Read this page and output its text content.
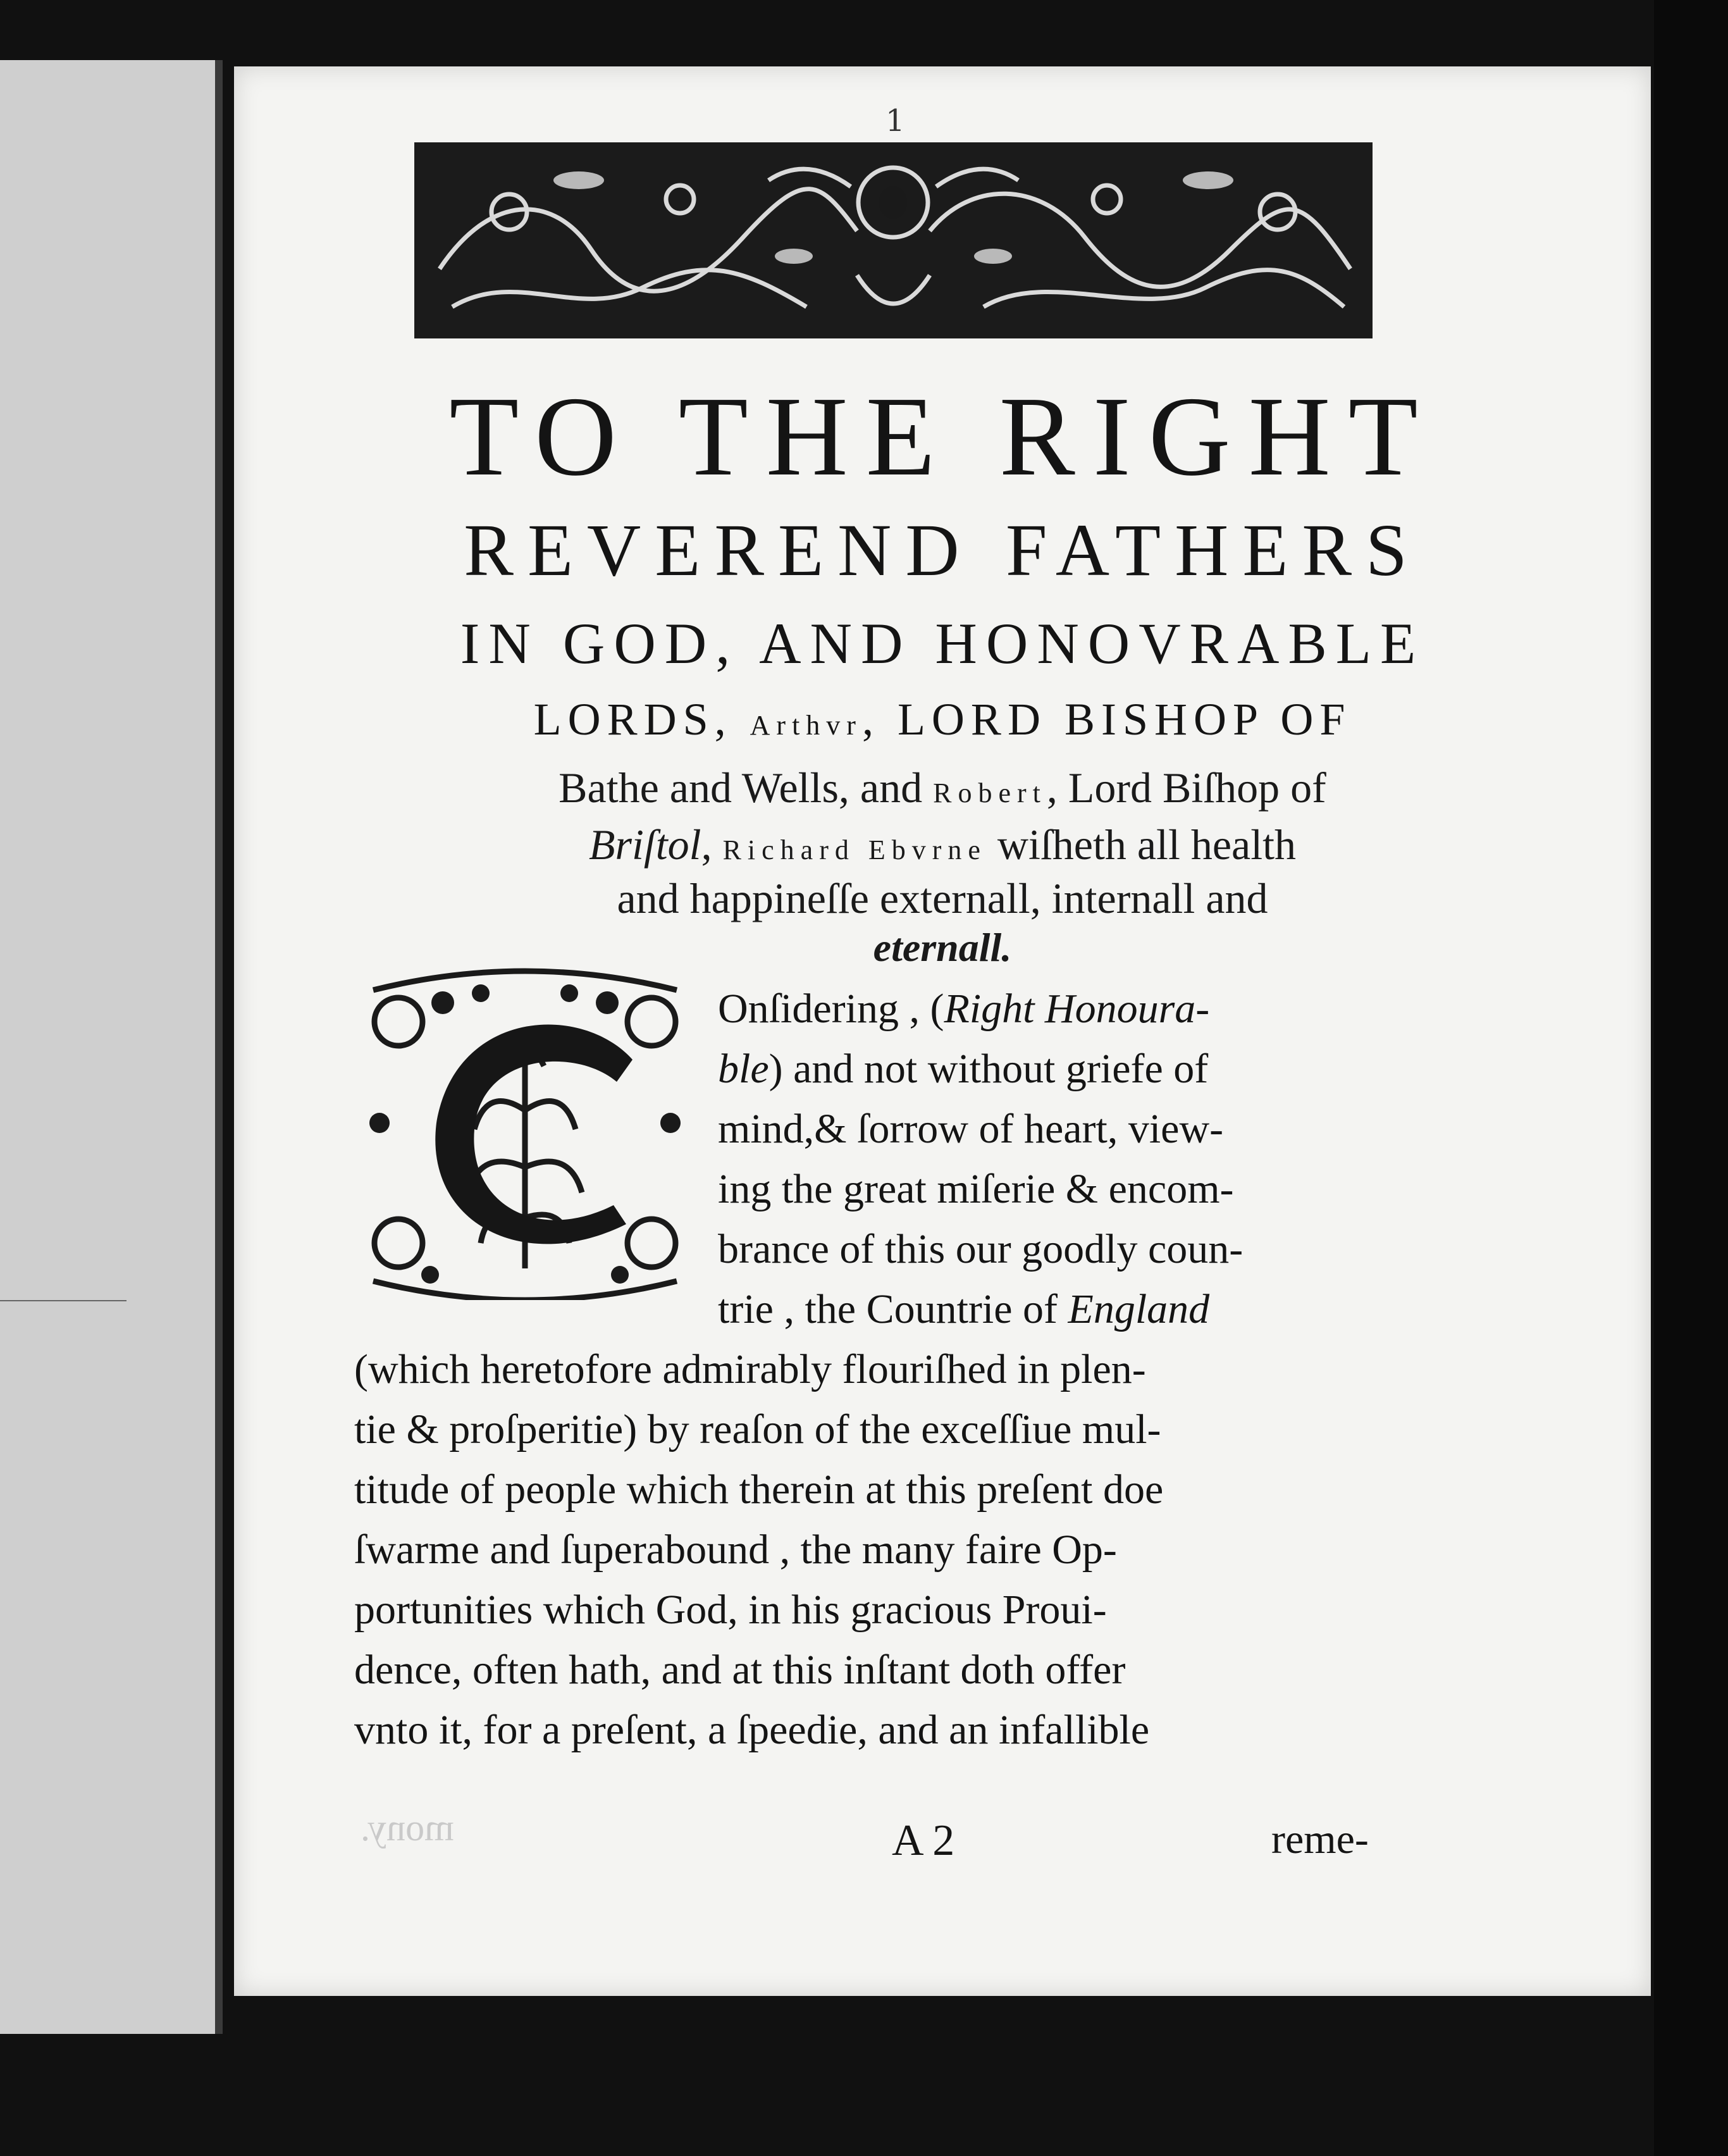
1
TO THE RIGHT
REVEREND FATHERS
IN GOD, AND HONOVRABLE
LORDS, Arthvr, LORD BISHOP OF
Bathe and Wells, and Robert, Lord Biſhop of
Briſtol, Richard Ebvrne wiſheth all health
and happineſſe externall, internall and
eternall.
Onſidering , (Right Honoura-
ble) and not without griefe of
mind,& ſorrow of heart, view-
ing the great miſerie & encom-
brance of this our goodly coun-
trie , the Countrie of England
(which heretofore admirably flouriſhed in plen-
tie & proſperitie) by reaſon of the exceſſiue mul-
titude of people which therein at this preſent doe
ſwarme and ſuperabound , the many faire Op-
portunities which God, in his gracious Proui-
dence, often hath, and at this inſtant doth offer
vnto it, for a preſent, a ſpeedie, and an infallible
mony.	A 2	reme-
